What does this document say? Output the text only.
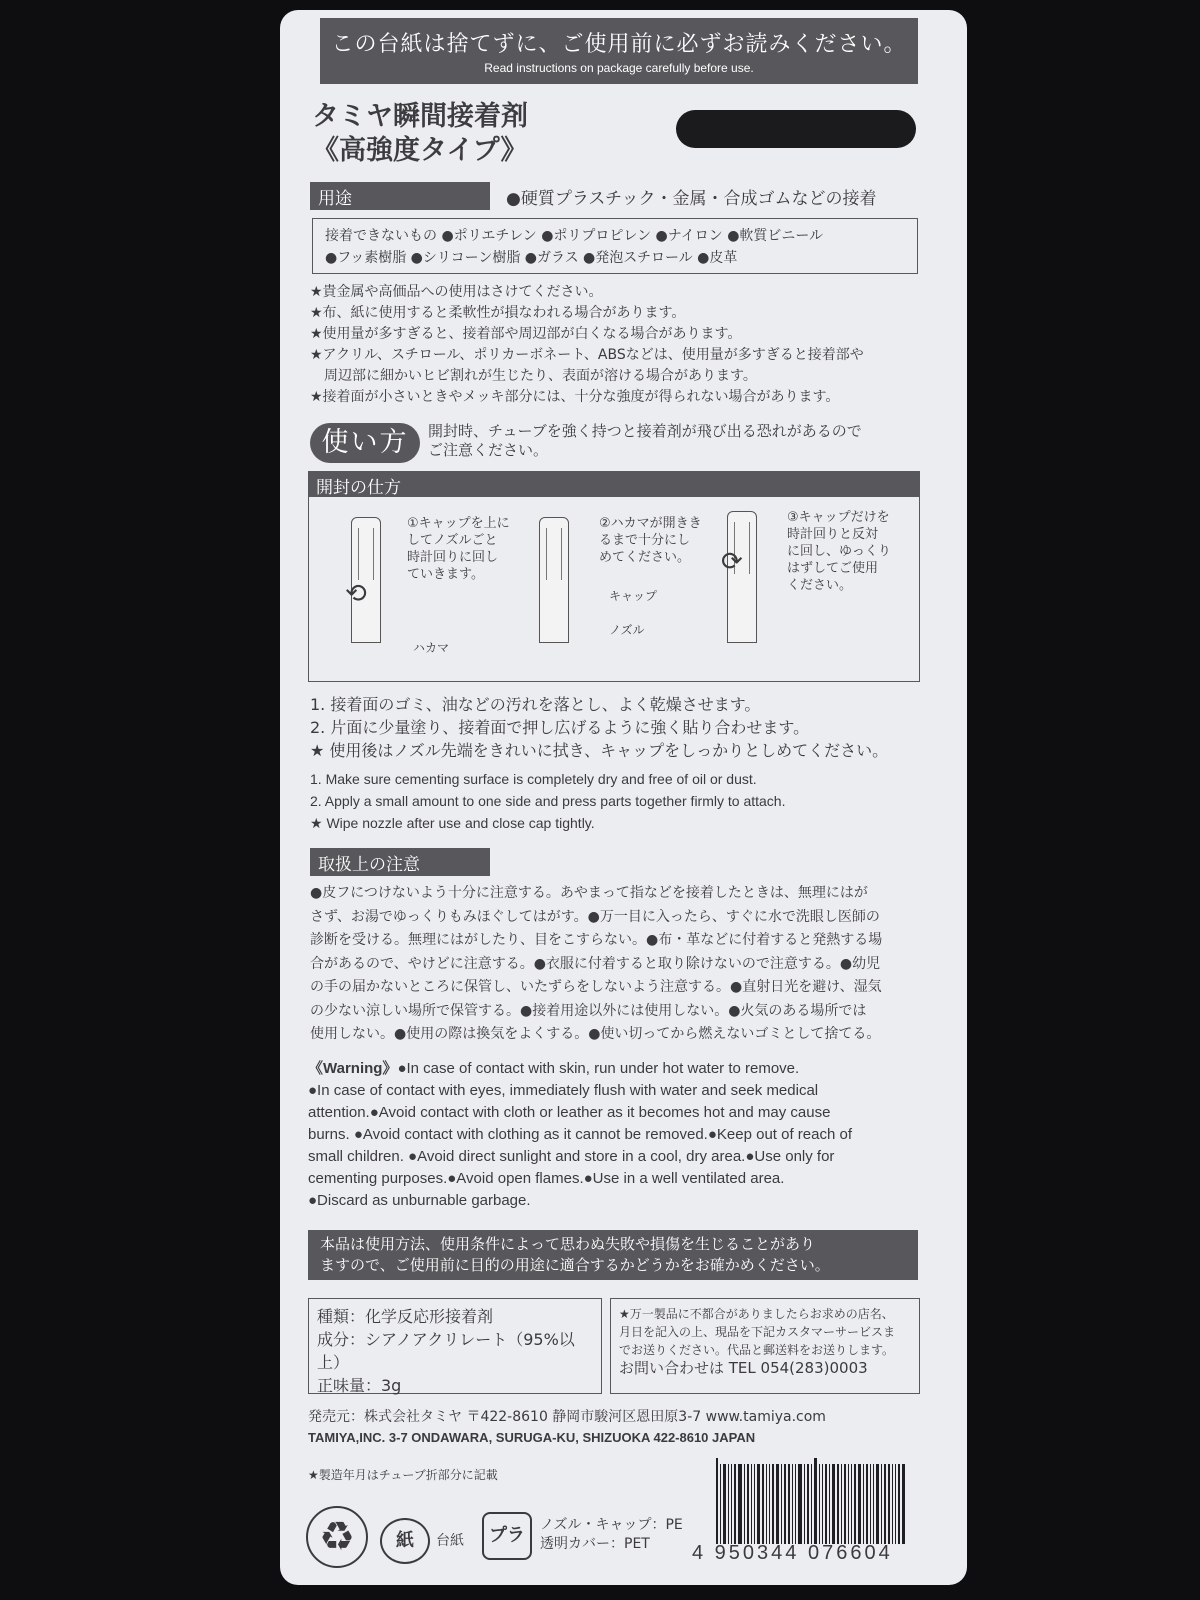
この台紙は捨てずに、ご使用前に必ずお読みください。
Read instructions on package carefully before use.
タミヤ瞬間接着剤
《高強度タイプ》
用途	●硬質プラスチック・金属・合成ゴムなどの接着
接着できないもの ●ポリエチレン ●ポリプロピレン ●ナイロン ●軟質ビニール
●フッ素樹脂 ●シリコーン樹脂 ●ガラス ●発泡スチロール ●皮革
★貴金属や高価品への使用はさけてください。
★布、紙に使用すると柔軟性が損なわれる場合があります。
★使用量が多すぎると、接着部や周辺部が白くなる場合があります。
★アクリル、スチロール、ポリカーボネート、ABSなどは、使用量が多すぎると接着部や
周辺部に細かいヒビ割れが生じたり、表面が溶ける場合があります。
★接着面が小さいときやメッキ部分には、十分な強度が得られない場合があります。
使い方	開封時、チューブを強く持つと接着剤が飛び出る恐れがあるので
ご注意ください。
開封の仕方
⟲
①キャップを上に
してノズルごと
時計回りに回し
ていきます。
ハカマ
②ハカマが開きき
るまで十分にし
めてください。
キャップ
ノズル
⟳
③キャップだけを
時計回りと反対
に回し、ゆっくり
はずしてご使用
ください。
1. 接着面のゴミ、油などの汚れを落とし、よく乾燥させます。
2. 片面に少量塗り、接着面で押し広げるように強く貼り合わせます。
★ 使用後はノズル先端をきれいに拭き、キャップをしっかりとしめてください。
1. Make sure cementing surface is completely dry and free of oil or dust.
2. Apply a small amount to one side and press parts together firmly to attach.
★ Wipe nozzle after use and close cap tightly.
取扱上の注意
●皮フにつけないよう十分に注意する。あやまって指などを接着したときは、無理にはが
さず、お湯でゆっくりもみほぐしてはがす。●万一目に入ったら、すぐに水で洗眼し医師の
診断を受ける。無理にはがしたり、目をこすらない。●布・革などに付着すると発熱する場
合があるので、やけどに注意する。●衣服に付着すると取り除けないので注意する。●幼児
の手の届かないところに保管し、いたずらをしないよう注意する。●直射日光を避け、湿気
の少ない涼しい場所で保管する。●接着用途以外には使用しない。●火気のある場所では
使用しない。●使用の際は換気をよくする。●使い切ってから燃えないゴミとして捨てる。
《Warning》●In case of contact with skin, run under hot water to remove.
●In case of contact with eyes, immediately flush with water and seek medical
attention.●Avoid contact with cloth or leather as it becomes hot and may cause
burns. ●Avoid contact with clothing as it cannot be removed.●Keep out of reach of
small children. ●Avoid direct sunlight and store in a cool, dry area.●Use only for
cementing purposes.●Avoid open flames.●Use in a well ventilated area.
●Discard as unburnable garbage.
本品は使用方法、使用条件によって思わぬ失敗や損傷を生じることがあり
ますので、ご使用前に目的の用途に適合するかどうかをお確かめください。
種類：化学反応形接着剤
成分：シアノアクリレート（95%以上）
正味量：3g
★万一製品に不都合がありましたらお求めの店名、
月日を記入の上、現品を下記カスタマーサービスま
でお送りください。代品と郵送料をお送りします。
お問い合わせは TEL 054(283)0003
発売元：株式会社タミヤ 〒422-8610 静岡市駿河区恩田原3-7 www.tamiya.com
TAMIYA,INC. 3-7 ONDAWARA, SURUGA-KU, SHIZUOKA 422-8610 JAPAN
★製造年月はチューブ折部分に記載
♻	紙	台紙	プラ	ノズル・キャップ：PE
透明カバー：PET	4 950344 076604
